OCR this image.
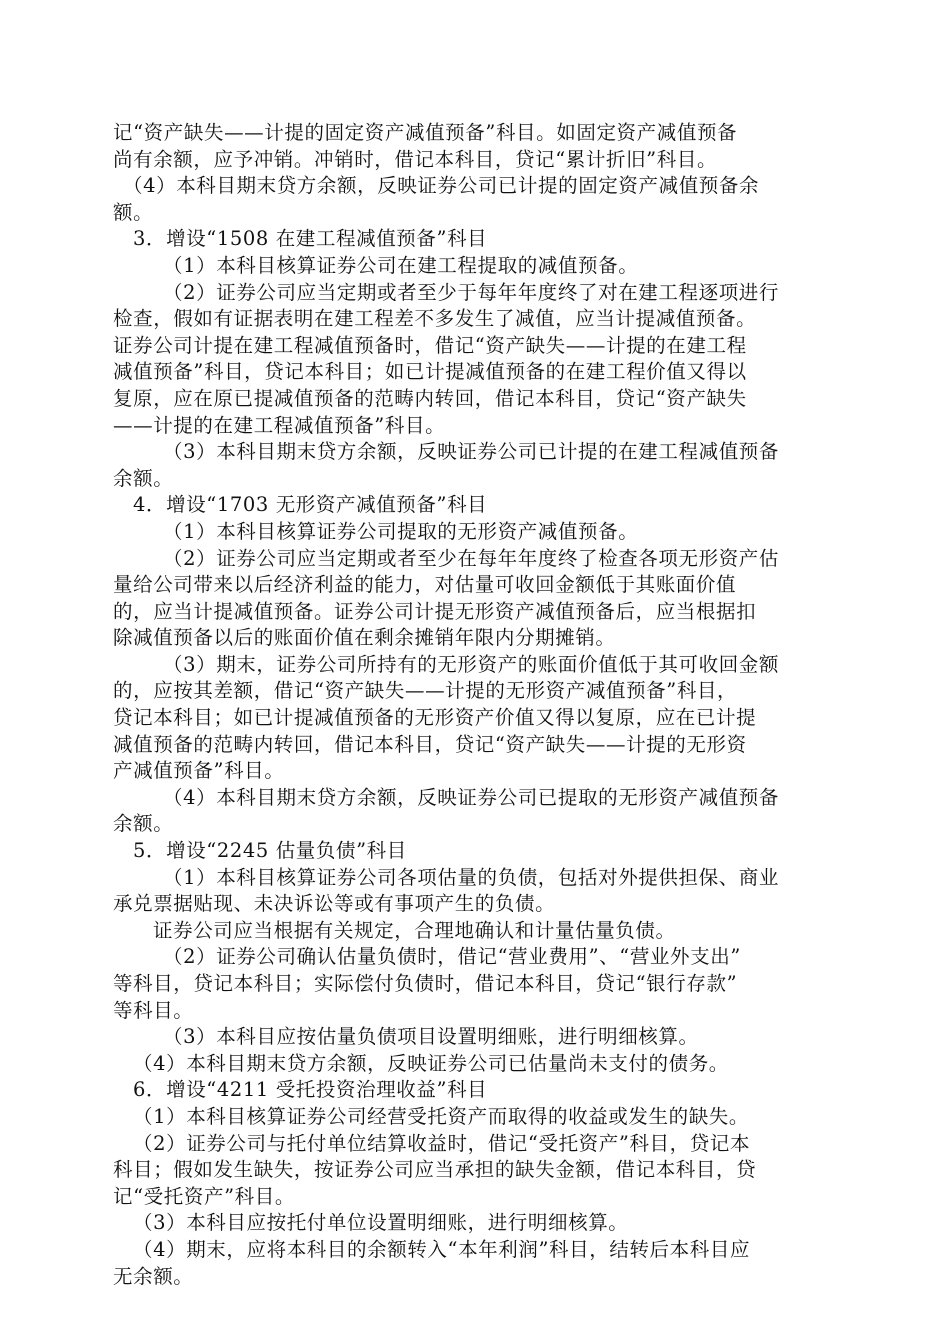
记“资产缺失——计提的固定资产减值预备”科目。如固定资产减值预备
尚有余额，应予冲销。冲销时，借记本科目，贷记“累计折旧”科目。
（4）本科目期末贷方余额，反映证券公司已计提的固定资产减值预备余
额。
3．增设“1508 在建工程减值预备”科目
（1）本科目核算证券公司在建工程提取的减值预备。
（2）证券公司应当定期或者至少于每年年度终了对在建工程逐项进行
检查，假如有证据表明在建工程差不多发生了减值，应当计提减值预备。
证券公司计提在建工程减值预备时，借记“资产缺失——计提的在建工程
减值预备”科目，贷记本科目；如已计提减值预备的在建工程价值又得以
复原，应在原已提减值预备的范畴内转回，借记本科目，贷记“资产缺失
——计提的在建工程减值预备”科目。
（3）本科目期末贷方余额，反映证券公司已计提的在建工程减值预备
余额。
4．增设“1703 无形资产减值预备”科目
（1）本科目核算证券公司提取的无形资产减值预备。
（2）证券公司应当定期或者至少在每年年度终了检查各项无形资产估
量给公司带来以后经济利益的能力，对估量可收回金额低于其账面价值
的，应当计提减值预备。证券公司计提无形资产减值预备后，应当根据扣
除减值预备以后的账面价值在剩余摊销年限内分期摊销。
（3）期末，证券公司所持有的无形资产的账面价值低于其可收回金额
的，应按其差额，借记“资产缺失——计提的无形资产减值预备”科目，
贷记本科目；如已计提减值预备的无形资产价值又得以复原，应在已计提
减值预备的范畴内转回，借记本科目，贷记“资产缺失——计提的无形资
产减值预备”科目。
（4）本科目期末贷方余额，反映证券公司已提取的无形资产减值预备
余额。
5．增设“2245 估量负债”科目
（1）本科目核算证券公司各项估量的负债，包括对外提供担保、商业
承兑票据贴现、未决诉讼等或有事项产生的负债。
证券公司应当根据有关规定，合理地确认和计量估量负债。
（2）证券公司确认估量负债时，借记“营业费用”、“营业外支出”
等科目，贷记本科目；实际偿付负债时，借记本科目，贷记“银行存款”
等科目。
（3）本科目应按估量负债项目设置明细账，进行明细核算。
（4）本科目期末贷方余额，反映证券公司已估量尚未支付的债务。
6．增设“4211 受托投资治理收益”科目
（1）本科目核算证券公司经营受托资产而取得的收益或发生的缺失。
（2）证券公司与托付单位结算收益时，借记“受托资产”科目，贷记本
科目；假如发生缺失，按证券公司应当承担的缺失金额，借记本科目，贷
记“受托资产”科目。
（3）本科目应按托付单位设置明细账，进行明细核算。
（4）期末，应将本科目的余额转入“本年利润”科目，结转后本科目应
无余额。
